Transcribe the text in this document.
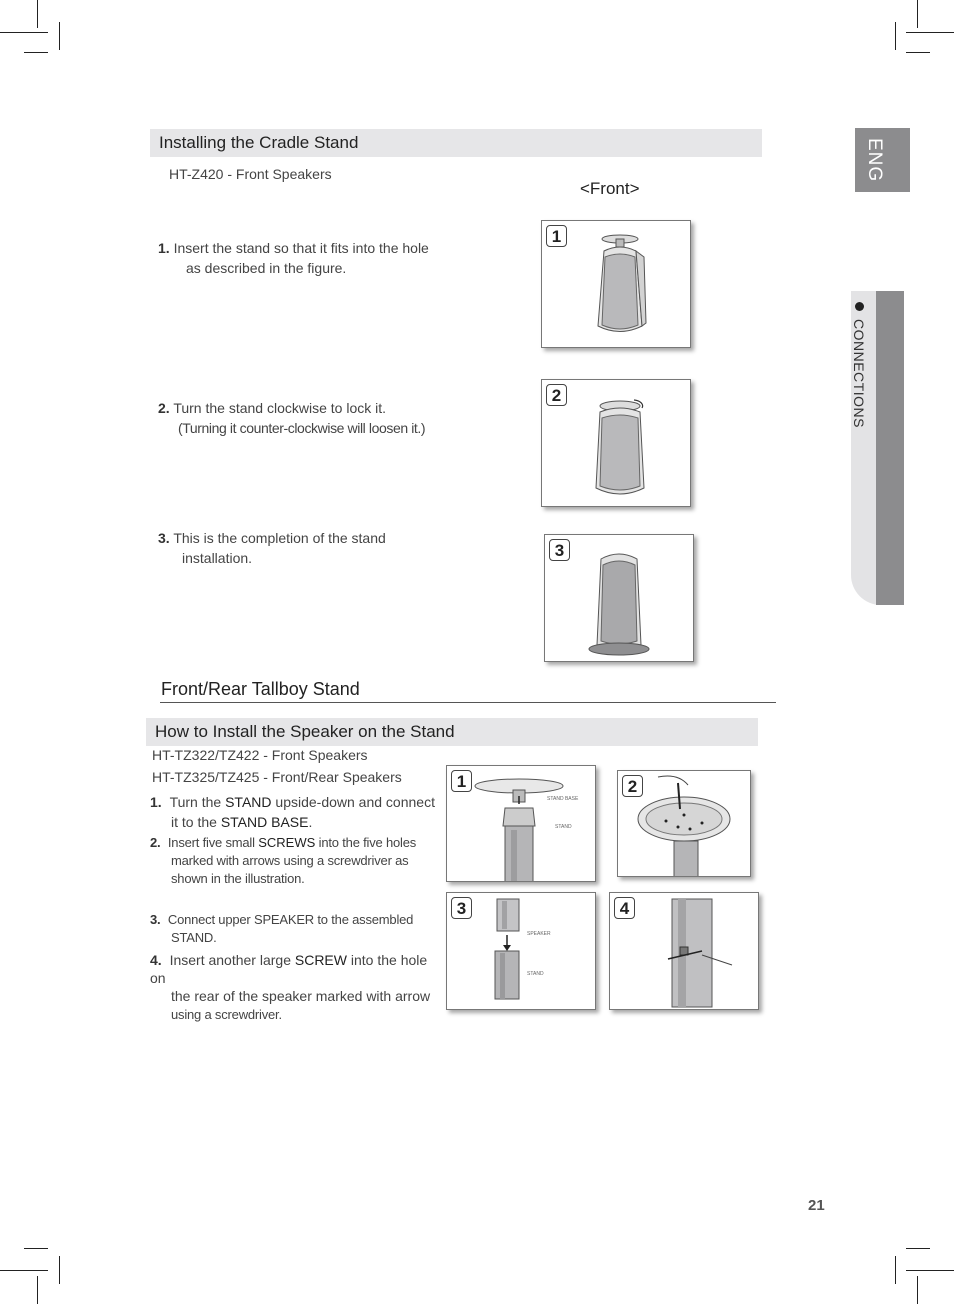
ENG
CONNECTIONS
Installing the Cradle Stand
HT-Z420 - Front Speakers
<Front>
1. Insert the stand so that it fits into the hole
as described in the figure.
2. Turn the stand clockwise to lock it.
(Turning it counter-clockwise will loosen it.)
3. This is the completion of the stand
installation.
1
2
3
Front/Rear Tallboy Stand
How to Install the Speaker on the Stand
HT-TZ322/TZ422 - Front Speakers
HT-TZ325/TZ425 - Front/Rear Speakers
1. Turn the STAND upside-down and connect
it to the STAND BASE.
2. Insert five small SCREWS into the five holes
marked with arrows using a screwdriver as
shown in the illustration.
3. Connect upper SPEAKER to the assembled
STAND.
4. Insert another large SCREW into the hole on
the rear of the speaker marked with arrow
using a screwdriver.
1
STAND BASE
STAND
2
3
SPEAKER
STAND
4
21
